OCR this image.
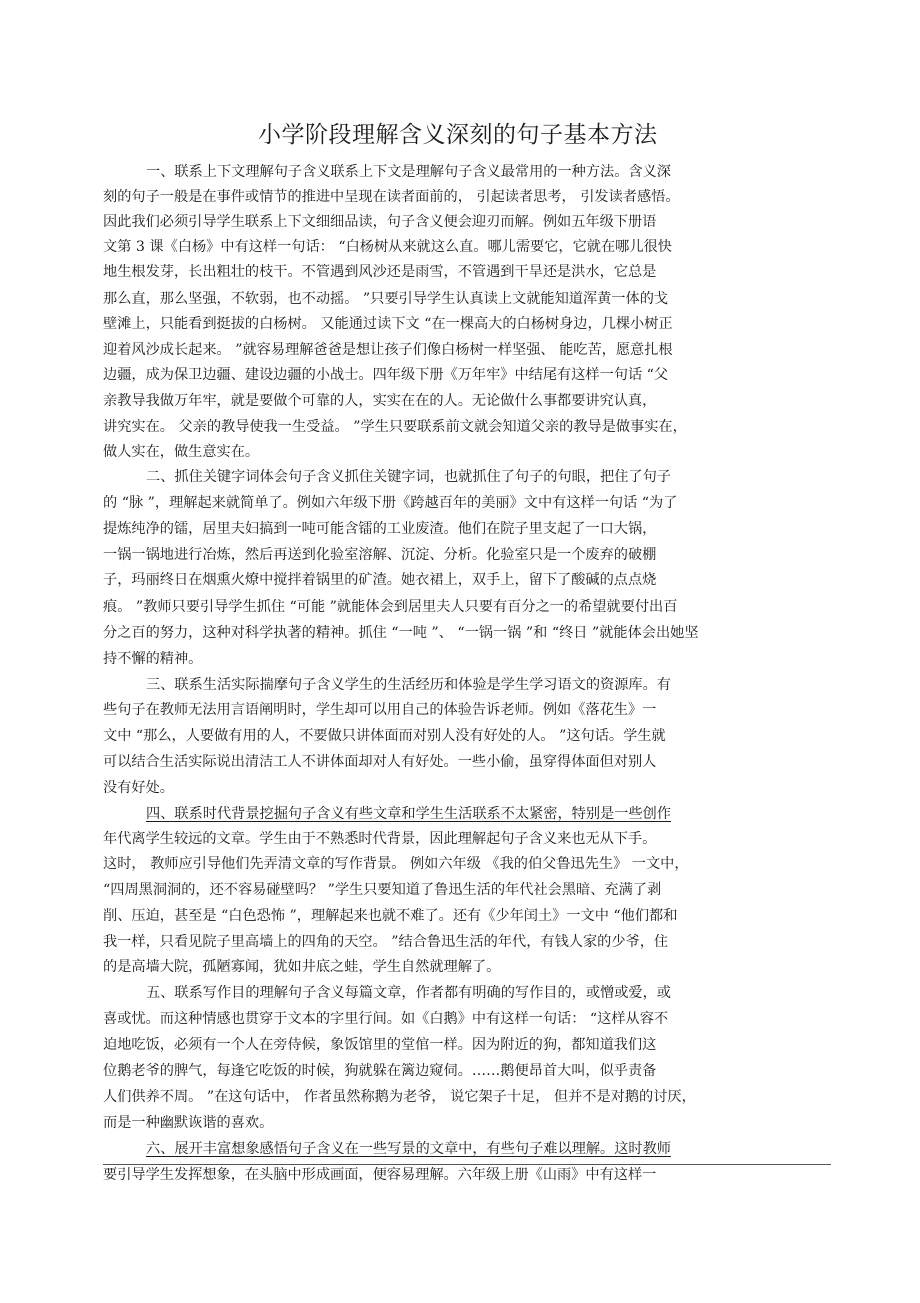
小学阶段理解含义深刻的句子基本方法
一、联系上下文理解句子含义联系上下文是理解句子含义最常用的一种方法。含义深
刻的句子一般是在事件或情节的推进中呈现在读者面前的， 引起读者思考， 引发读者感悟。
因此我们必须引导学生联系上下文细细品读，句子含义便会迎刃而解。例如五年级下册语
文第 3 课《白杨》中有这样一句话： “白杨树从来就这么直。哪儿需要它，它就在哪儿很快
地生根发芽，长出粗壮的枝干。不管遇到风沙还是雨雪，不管遇到干旱还是洪水，它总是
那么直，那么坚强，不软弱，也不动摇。 ”只要引导学生认真读上文就能知道浑黄一体的戈
壁滩上，只能看到挺拔的白杨树。 又能通过读下文 “在一棵高大的白杨树身边，几棵小树正
迎着风沙成长起来。 ”就容易理解爸爸是想让孩子们像白杨树一样坚强、 能吃苦，愿意扎根
边疆，成为保卫边疆、建设边疆的小战士。四年级下册《万年牢》中结尾有这样一句话 “父
亲教导我做万年牢，就是要做个可靠的人，实实在在的人。无论做什么事都要讲究认真，
讲究实在。 父亲的教导使我一生受益。 ”学生只要联系前文就会知道父亲的教导是做事实在，
做人实在，做生意实在。
二、抓住关键字词体会句子含义抓住关键字词，也就抓住了句子的句眼，把住了句子
的 “脉 ”，理解起来就简单了。例如六年级下册《跨越百年的美丽》文中有这样一句话 “为了
提炼纯净的镭，居里夫妇搞到一吨可能含镭的工业废渣。他们在院子里支起了一口大锅，
一锅一锅地进行冶炼，然后再送到化验室溶解、沉淀、分析。化验室只是一个废弃的破棚
子，玛丽终日在烟熏火燎中搅拌着锅里的矿渣。她衣裙上，双手上，留下了酸碱的点点烧
痕。 ”教师只要引导学生抓住 “可能 ”就能体会到居里夫人只要有百分之一的希望就要付出百
分之百的努力，这种对科学执著的精神。抓住 “一吨 ”、 “一锅一锅 ”和 “终日 ”就能体会出她坚
持不懈的精神。
三、联系生活实际揣摩句子含义学生的生活经历和体验是学生学习语文的资源库。有
些句子在教师无法用言语阐明时，学生却可以用自己的体验告诉老师。例如《落花生》一
文中 “那么，人要做有用的人，不要做只讲体面而对别人没有好处的人。 ”这句话。学生就
可以结合生活实际说出清洁工人不讲体面却对人有好处。一些小偷，虽穿得体面但对别人
没有好处。
四、联系时代背景挖掘句子含义有些文章和学生生活联系不太紧密，特别是一些创作
年代离学生较远的文章。学生由于不熟悉时代背景，因此理解起句子含义来也无从下手。
这时， 教师应引导他们先弄清文章的写作背景。 例如六年级 《我的伯父鲁迅先生》 一文中，
“四周黑洞洞的，还不容易碰壁吗？ ”学生只要知道了鲁迅生活的年代社会黑暗、充满了剥
削、压迫，甚至是 “白色恐怖 ”，理解起来也就不难了。还有《少年闰土》一文中 “他们都和
我一样，只看见院子里高墙上的四角的天空。 ”结合鲁迅生活的年代，有钱人家的少爷，住
的是高墙大院，孤陋寡闻，犹如井底之蛙，学生自然就理解了。
五、联系写作目的理解句子含义每篇文章，作者都有明确的写作目的，或憎或爱，或
喜或忧。而这种情感也贯穿于文本的字里行间。如《白鹅》中有这样一句话： “这样从容不
迫地吃饭，必须有一个人在旁侍候，象饭馆里的堂倌一样。因为附近的狗，都知道我们这
位鹅老爷的脾气，每逢它吃饭的时候，狗就躲在篱边窥伺。……鹅便昂首大叫，似乎责备
人们供养不周。 ”在这句话中， 作者虽然称鹅为老爷， 说它架子十足， 但并不是对鹅的讨厌，
而是一种幽默诙谐的喜欢。
六、展开丰富想象感悟句子含义在一些写景的文章中，有些句子难以理解。这时教师
要引导学生发挥想象，在头脑中形成画面，便容易理解。六年级上册《山雨》中有这样一
